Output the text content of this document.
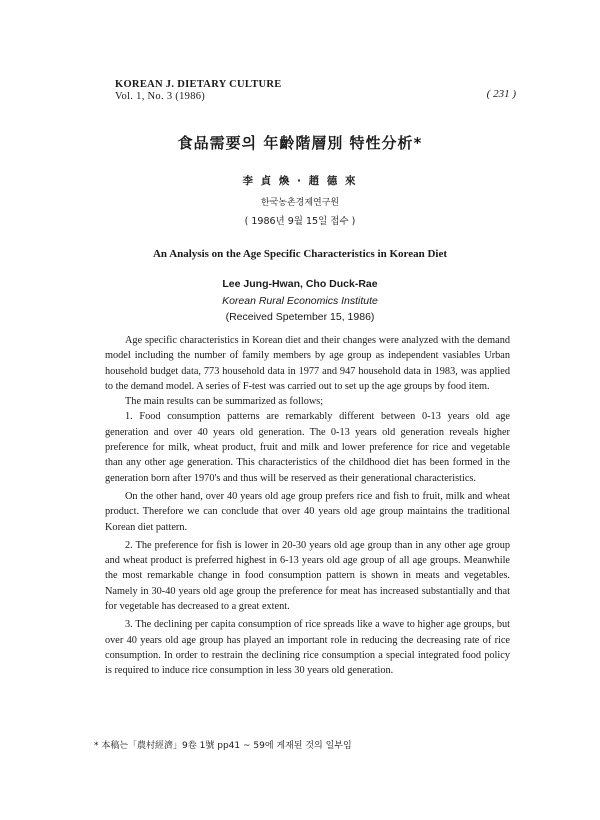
KOREAN J. DIETARY CULTURE
Vol. 1, No. 3 (1986)	( 231 )
食品需要의 年齡階層別 特性分析*
李 貞 煥 · 趙 德 來
한국농촌경제연구원
( 1986년 9월 15일 접수 )
An Analysis on the Age Specific Characteristics in Korean Diet
Lee Jung-Hwan, Cho Duck-Rae
Korean Rural Economics Institute
(Received Spetember 15, 1986)

Age specific characteristics in Korean diet and their changes were analyzed with the demand model including the number of family members by age group as independent vasiables Urban household budget data, 773 household data in 1977 and 947 household data in 1983, was applied to the demand model. A series of F-test was carried out to set up the age groups by food item.

The main results can be summarized as follows;

1. Food consumption patterns are remarkably different between 0-13 years old age generation and over 40 years old generation. The 0-13 years old generation reveals higher preference for milk, wheat product, fruit and milk and lower preference for rice and vegetable than any other age generation. This characteristics of the childhood diet has been formed in the generation born after 1970's and thus will be reserved as their generational characteristics.

On the other hand, over 40 years old age group prefers rice and fish to fruit, milk and wheat product. Therefore we can conclude that over 40 years old age group maintains the traditional Korean diet pattern.

2. The preference for fish is lower in 20-30 years old age group than in any other age group and wheat product is preferred highest in 6-13 years old age group of all age groups. Meanwhile the most remarkable change in food consumption pattern is shown in meats and vegetables. Namely in 30-40 years old age group the preference for meat has increased substantially and that for vegetable has decreased to a great extent.

3. The declining per capita consumption of rice spreads like a wave to higher age groups, but over 40 years old age group has played an important role in reducing the decreasing rate of rice consumption. In order to restrain the declining rice consumption a special integrated food policy is required to induce rice consumption in less 30 years old generation.

* 本稿는「農村經濟」9卷 1號 pp41 ~ 59에 게재된 것의 일부임
